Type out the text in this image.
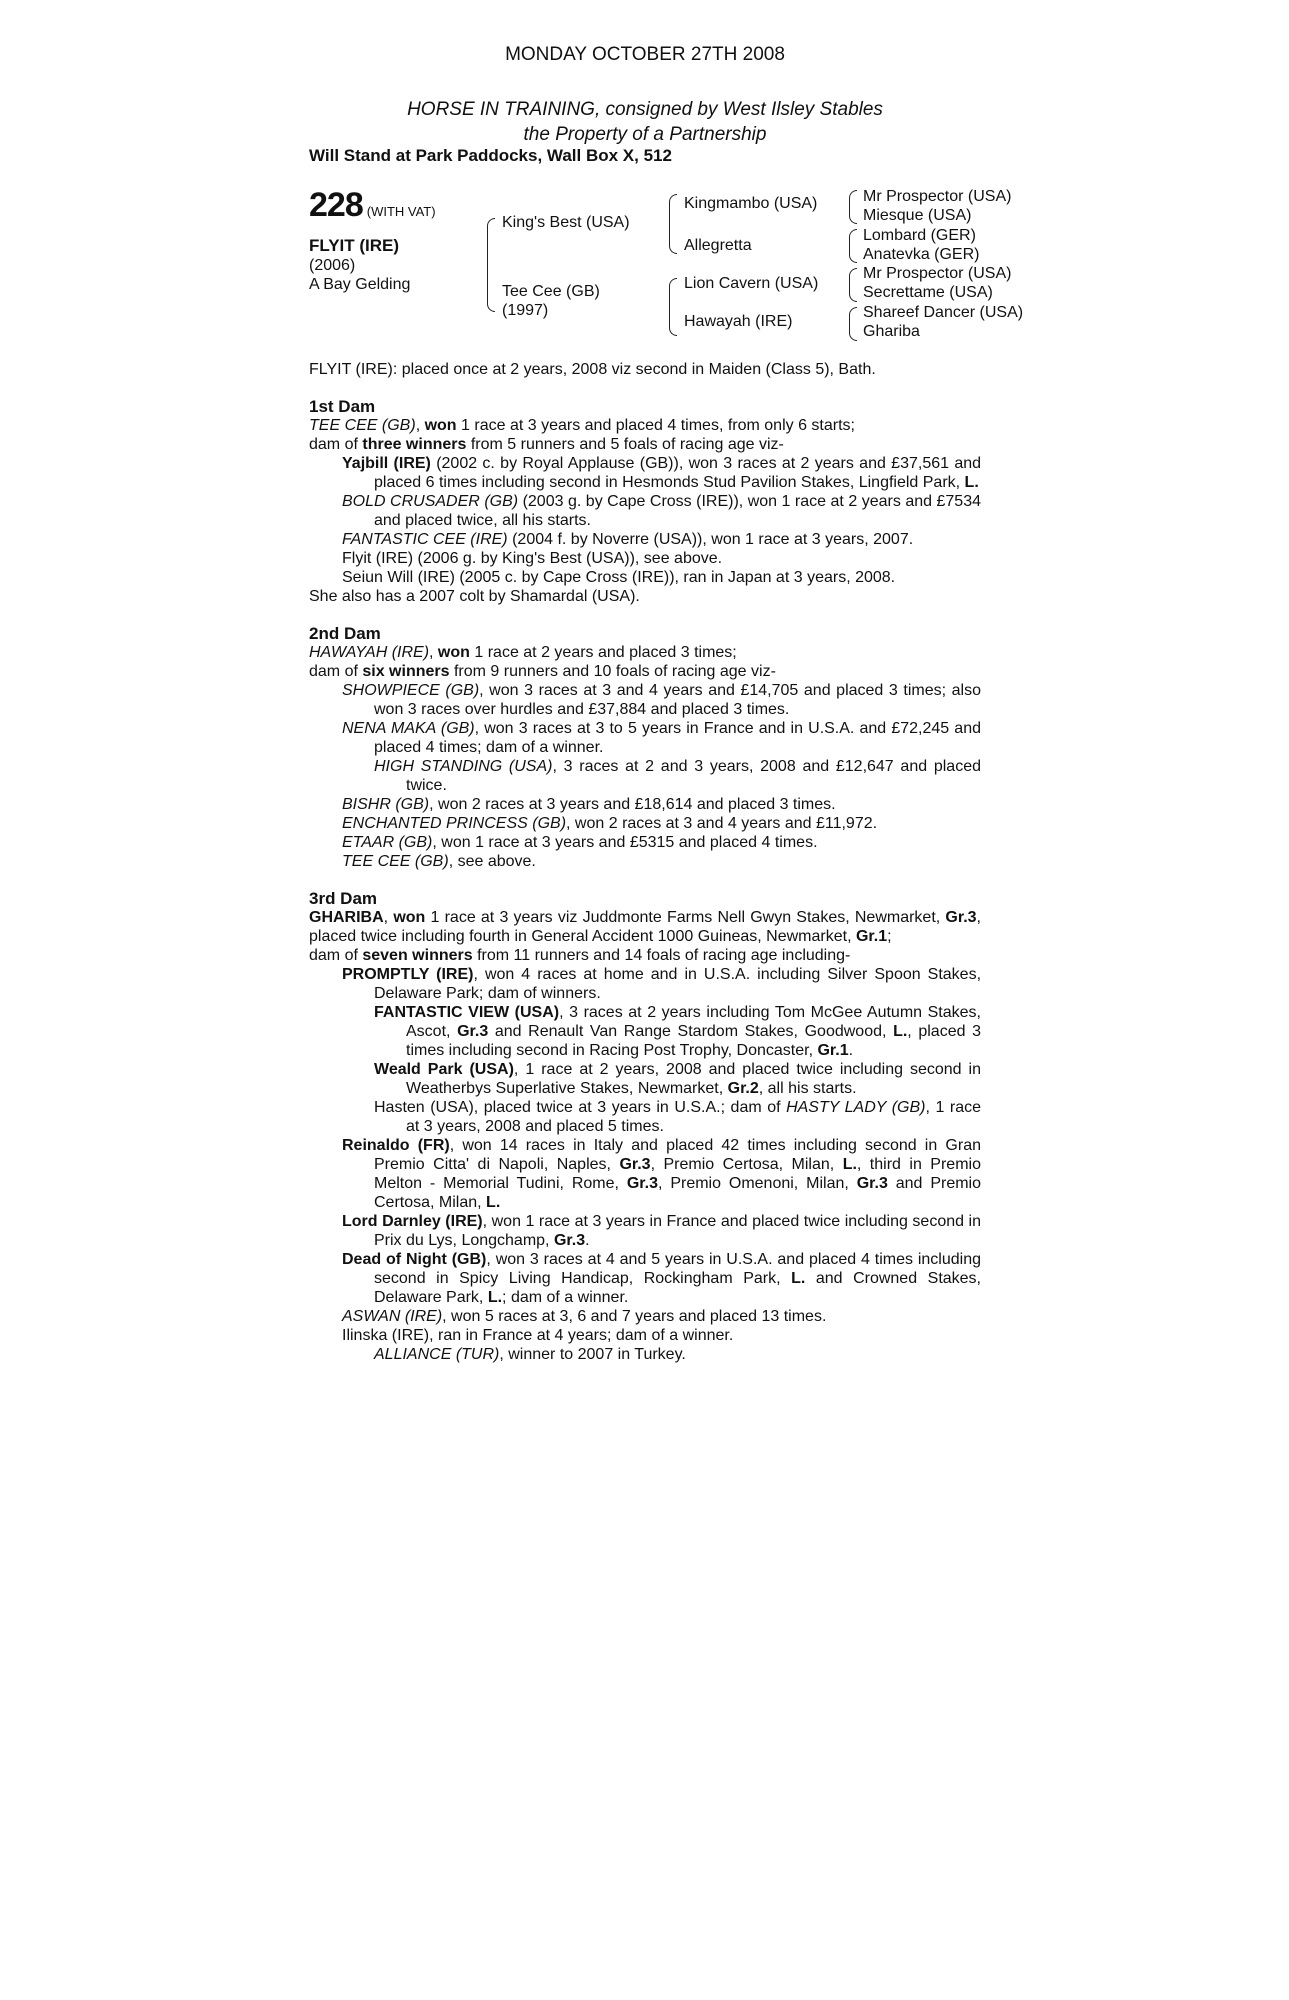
MONDAY OCTOBER 27TH 2008
HORSE IN TRAINING, consigned by West Ilsley Stables
the Property of a Partnership
Will Stand at Park Paddocks, Wall Box X, 512
228 (WITH VAT)
FLYIT (IRE)
(2006)
A Bay Gelding
King's Best (USA)
Tee Cee (GB)
(1997)
Kingmambo (USA)
Allegretta
Lion Cavern (USA)
Hawayah (IRE)
Mr Prospector (USA)
Miesque (USA)
Lombard (GER)
Anatevka (GER)
Mr Prospector (USA)
Secrettame (USA)
Shareef Dancer (USA)
Ghariba

FLYIT (IRE): placed once at 2 years, 2008 viz second in Maiden (Class 5), Bath.

1st Dam

TEE CEE (GB), won 1 race at 3 years and placed 4 times, from only 6 starts;

dam of three winners from 5 runners and 5 foals of racing age viz-

Yajbill (IRE) (2002 c. by Royal Applause (GB)), won 3 races at 2 years and £37,561 and placed 6 times including second in Hesmonds Stud Pavilion Stakes, Lingfield Park, L.

BOLD CRUSADER (GB) (2003 g. by Cape Cross (IRE)), won 1 race at 2 years and £7534 and placed twice, all his starts.

FANTASTIC CEE (IRE) (2004 f. by Noverre (USA)), won 1 race at 3 years, 2007.

Flyit (IRE) (2006 g. by King's Best (USA)), see above.

Seiun Will (IRE) (2005 c. by Cape Cross (IRE)), ran in Japan at 3 years, 2008.

She also has a 2007 colt by Shamardal (USA).

2nd Dam

HAWAYAH (IRE), won 1 race at 2 years and placed 3 times;

dam of six winners from 9 runners and 10 foals of racing age viz-

SHOWPIECE (GB), won 3 races at 3 and 4 years and £14,705 and placed 3 times; also won 3 races over hurdles and £37,884 and placed 3 times.

NENA MAKA (GB), won 3 races at 3 to 5 years in France and in U.S.A. and £72,245 and placed 4 times; dam of a winner.

HIGH STANDING (USA), 3 races at 2 and 3 years, 2008 and £12,647 and placed twice.

BISHR (GB), won 2 races at 3 years and £18,614 and placed 3 times.

ENCHANTED PRINCESS (GB), won 2 races at 3 and 4 years and £11,972.

ETAAR (GB), won 1 race at 3 years and £5315 and placed 4 times.

TEE CEE (GB), see above.

3rd Dam

GHARIBA, won 1 race at 3 years viz Juddmonte Farms Nell Gwyn Stakes, Newmarket, Gr.3, placed twice including fourth in General Accident 1000 Guineas, Newmarket, Gr.1;

dam of seven winners from 11 runners and 14 foals of racing age including-

PROMPTLY (IRE), won 4 races at home and in U.S.A. including Silver Spoon Stakes, Delaware Park; dam of winners.

FANTASTIC VIEW (USA), 3 races at 2 years including Tom McGee Autumn Stakes, Ascot, Gr.3 and Renault Van Range Stardom Stakes, Goodwood, L., placed 3 times including second in Racing Post Trophy, Doncaster, Gr.1.

Weald Park (USA), 1 race at 2 years, 2008 and placed twice including second in Weatherbys Superlative Stakes, Newmarket, Gr.2, all his starts.

Hasten (USA), placed twice at 3 years in U.S.A.; dam of HASTY LADY (GB), 1 race at 3 years, 2008 and placed 5 times.

Reinaldo (FR), won 14 races in Italy and placed 42 times including second in Gran Premio Citta' di Napoli, Naples, Gr.3, Premio Certosa, Milan, L., third in Premio Melton - Memorial Tudini, Rome, Gr.3, Premio Omenoni, Milan, Gr.3 and Premio Certosa, Milan, L.

Lord Darnley (IRE), won 1 race at 3 years in France and placed twice including second in Prix du Lys, Longchamp, Gr.3.

Dead of Night (GB), won 3 races at 4 and 5 years in U.S.A. and placed 4 times including second in Spicy Living Handicap, Rockingham Park, L. and Crowned Stakes, Delaware Park, L.; dam of a winner.

ASWAN (IRE), won 5 races at 3, 6 and 7 years and placed 13 times.

Ilinska (IRE), ran in France at 4 years; dam of a winner.

ALLIANCE (TUR), winner to 2007 in Turkey.
